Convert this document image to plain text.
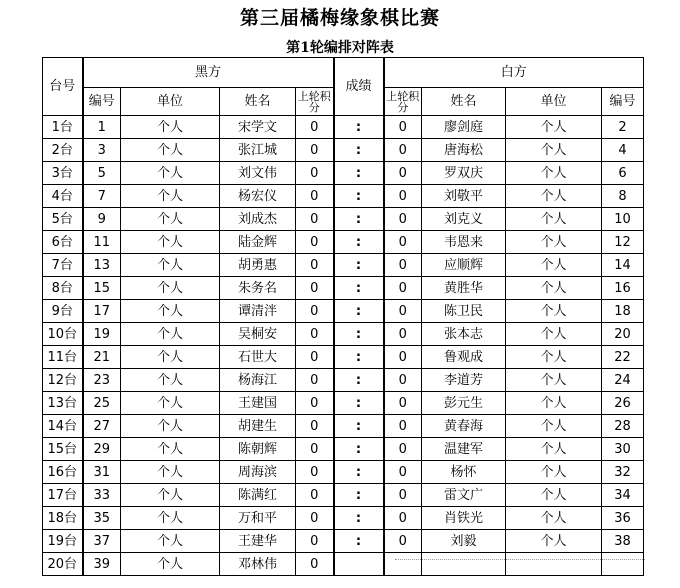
第三届橘梅缘象棋比赛
第1轮编排对阵表
台号	黑方				成绩	白方			
	编号	单位	姓名	上轮积分		上轮积分	姓名	单位	编号
1台	1	个人	宋学文	0	:	0	廖剑庭	个人	2
2台	3	个人	张江城	0	:	0	唐海松	个人	4
3台	5	个人	刘文伟	0	:	0	罗双庆	个人	6
4台	7	个人	杨宏仪	0	:	0	刘敬平	个人	8
5台	9	个人	刘成杰	0	:	0	刘克义	个人	10
6台	11	个人	陆金辉	0	:	0	韦恩来	个人	12
7台	13	个人	胡勇惠	0	:	0	应顺辉	个人	14
8台	15	个人	朱务名	0	:	0	黄胜华	个人	16
9台	17	个人	谭清泮	0	:	0	陈卫民	个人	18
10台	19	个人	吴桐安	0	:	0	张本志	个人	20
11台	21	个人	石世大	0	:	0	鲁观成	个人	22
12台	23	个人	杨海江	0	:	0	李道芳	个人	24
13台	25	个人	王建国	0	:	0	彭元生	个人	26
14台	27	个人	胡建生	0	:	0	黄春海	个人	28
15台	29	个人	陈朝辉	0	:	0	温建军	个人	30
16台	31	个人	周海滨	0	:	0	杨怀	个人	32
17台	33	个人	陈满红	0	:	0	雷文广	个人	34
18台	35	个人	万和平	0	:	0	肖铁光	个人	36
19台	37	个人	王建华	0	:	0	刘毅	个人	38
20台	39	个人	邓林伟	0					
